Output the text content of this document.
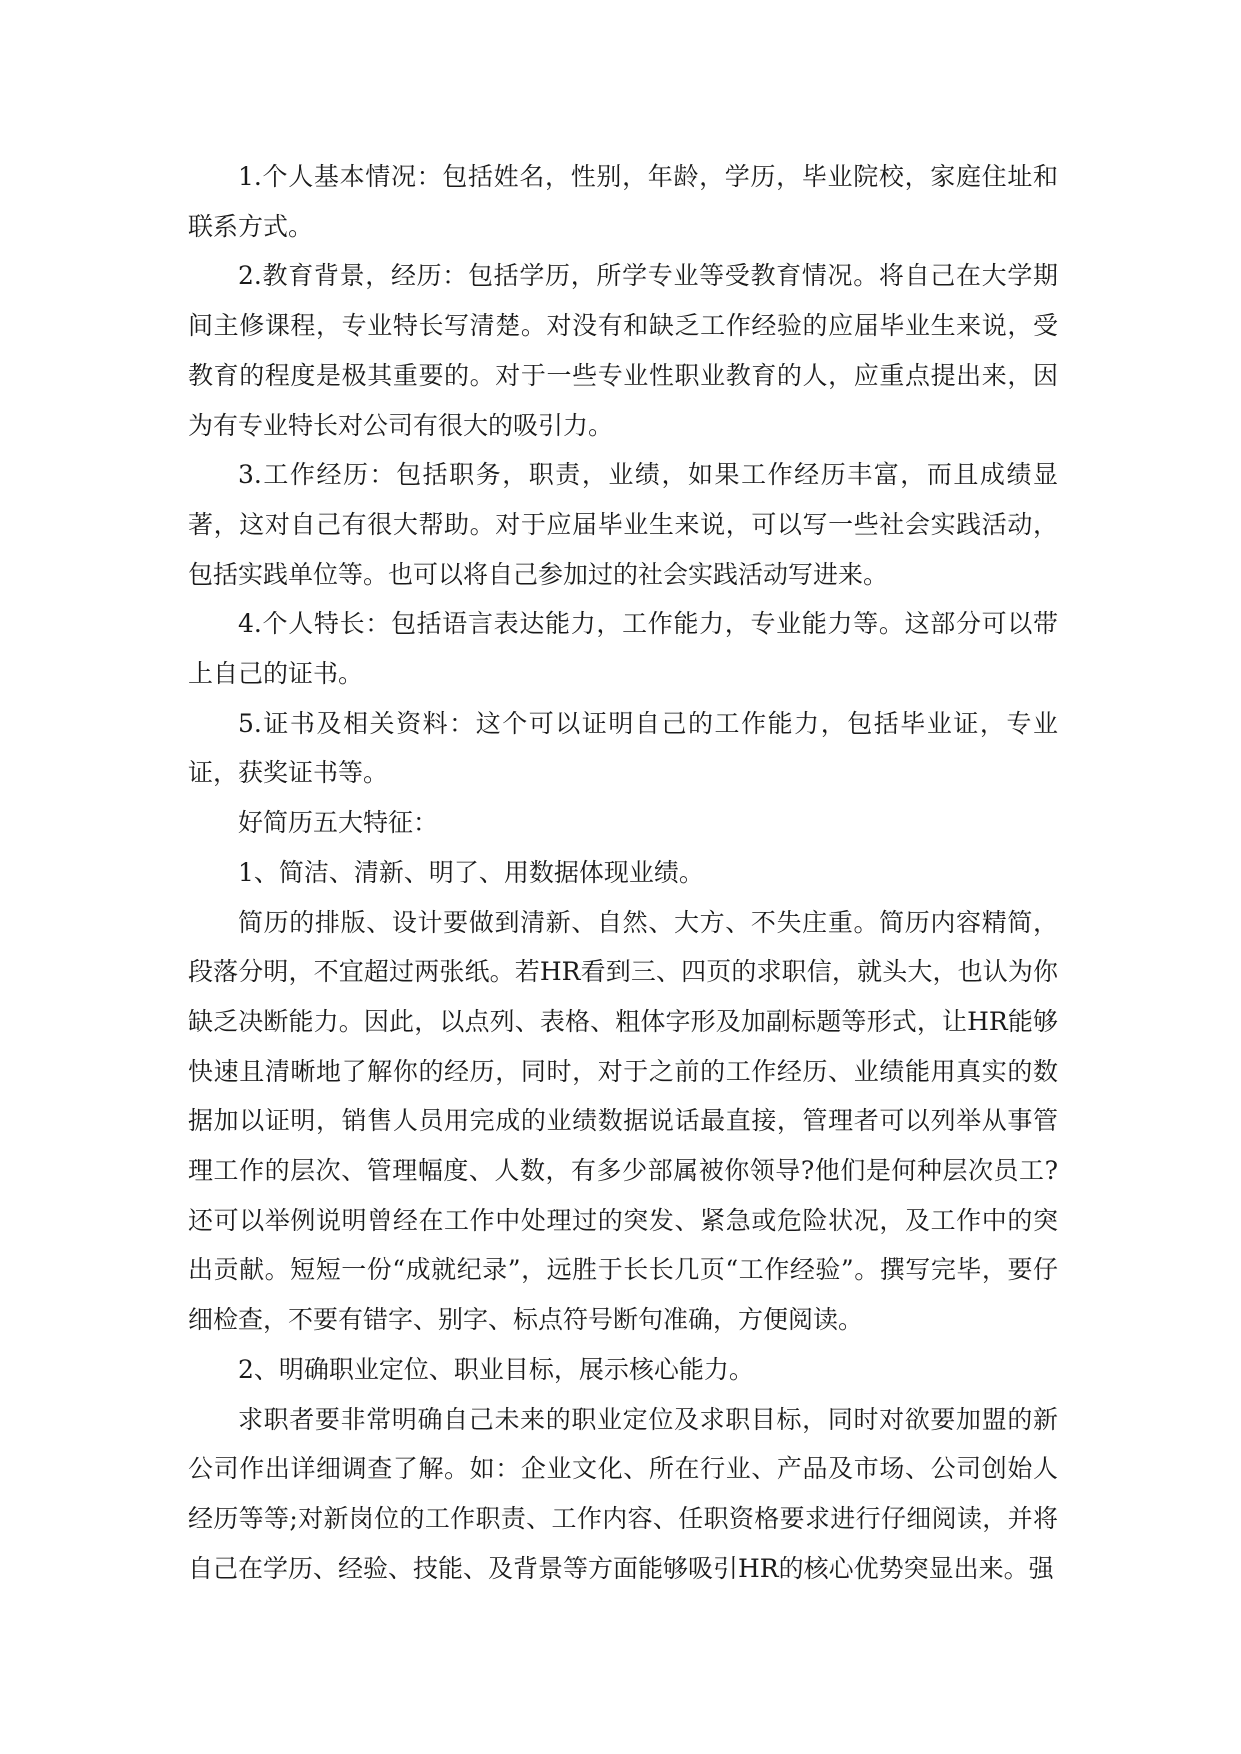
1.个人基本情况：包括姓名，性别，年龄，学历，毕业院校，家庭住址和联系方式。

2.教育背景，经历：包括学历，所学专业等受教育情况。将自己在大学期间主修课程，专业特长写清楚。对没有和缺乏工作经验的应届毕业生来说，受教育的程度是极其重要的。对于一些专业性职业教育的人，应重点提出来，因为有专业特长对公司有很大的吸引力。

3.工作经历：包括职务，职责，业绩，如果工作经历丰富，而且成绩显著，这对自己有很大帮助。对于应届毕业生来说，可以写一些社会实践活动，包括实践单位等。也可以将自己参加过的社会实践活动写进来。

4.个人特长：包括语言表达能力，工作能力，专业能力等。这部分可以带上自己的证书。

5.证书及相关资料：这个可以证明自己的工作能力，包括毕业证，专业证，获奖证书等。

好简历五大特征：

1、简洁、清新、明了、用数据体现业绩。

简历的排版、设计要做到清新、自然、大方、不失庄重。简历内容精简，段落分明，不宜超过两张纸。若HR看到三、四页的求职信，就头大，也认为你缺乏决断能力。因此，以点列、表格、粗体字形及加副标题等形式，让HR能够快速且清晰地了解你的经历，同时，对于之前的工作经历、业绩能用真实的数据加以证明，销售人员用完成的业绩数据说话最直接，管理者可以列举从事管理工作的层次、管理幅度、人数，有多少部属被你领导?他们是何种层次员工?还可以举例说明曾经在工作中处理过的突发、紧急或危险状况，及工作中的突出贡献。短短一份“成就纪录”，远胜于长长几页“工作经验”。撰写完毕，要仔细检查，不要有错字、别字、标点符号断句准确，方便阅读。

2、明确职业定位、职业目标，展示核心能力。

求职者要非常明确自己未来的职业定位及求职目标，同时对欲要加盟的新公司作出详细调查了解。如：企业文化、所在行业、产品及市场、公司创始人经历等等;对新岗位的工作职责、工作内容、任职资格要求进行仔细阅读，并将自己在学历、经验、技能、及背景等方面能够吸引HR的核心优势突显出来。强
